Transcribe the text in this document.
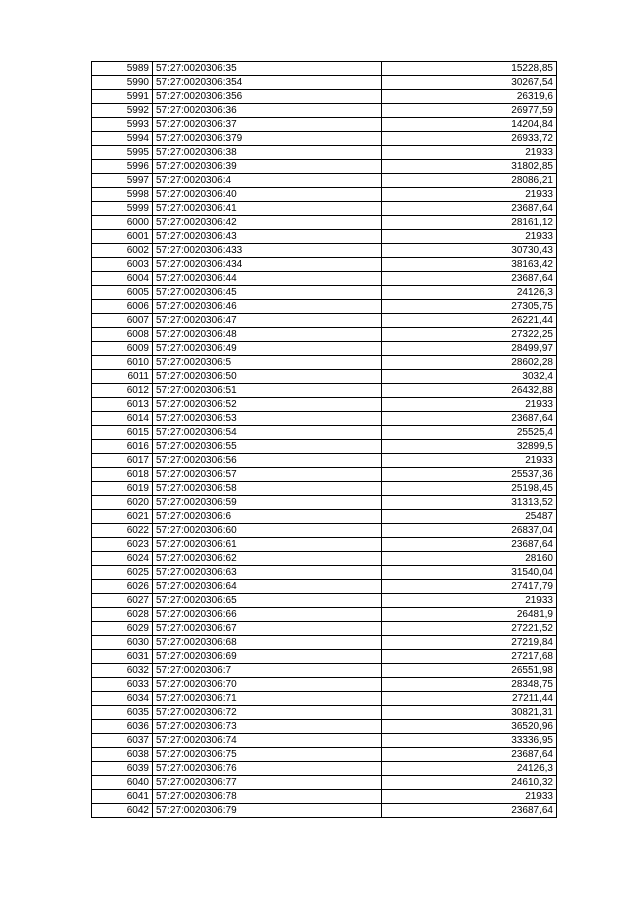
5989	57:27:0020306:35	15228,85
5990	57:27:0020306:354	30267,54
5991	57:27:0020306:356	26319,6
5992	57:27:0020306:36	26977,59
5993	57:27:0020306:37	14204,84
5994	57:27:0020306:379	26933,72
5995	57:27:0020306:38	21933
5996	57:27:0020306:39	31802,85
5997	57:27:0020306:4	28086,21
5998	57:27:0020306:40	21933
5999	57:27:0020306:41	23687,64
6000	57:27:0020306:42	28161,12
6001	57:27:0020306:43	21933
6002	57:27:0020306:433	30730,43
6003	57:27:0020306:434	38163,42
6004	57:27:0020306:44	23687,64
6005	57:27:0020306:45	24126,3
6006	57:27:0020306:46	27305,75
6007	57:27:0020306:47	26221,44
6008	57:27:0020306:48	27322,25
6009	57:27:0020306:49	28499,97
6010	57:27:0020306:5	28602,28
6011	57:27:0020306:50	3032,4
6012	57:27:0020306:51	26432,88
6013	57:27:0020306:52	21933
6014	57:27:0020306:53	23687,64
6015	57:27:0020306:54	25525,4
6016	57:27:0020306:55	32899,5
6017	57:27:0020306:56	21933
6018	57:27:0020306:57	25537,36
6019	57:27:0020306:58	25198,45
6020	57:27:0020306:59	31313,52
6021	57:27:0020306:6	25487
6022	57:27:0020306:60	26837,04
6023	57:27:0020306:61	23687,64
6024	57:27:0020306:62	28160
6025	57:27:0020306:63	31540,04
6026	57:27:0020306:64	27417,79
6027	57:27:0020306:65	21933
6028	57:27:0020306:66	26481,9
6029	57:27:0020306:67	27221,52
6030	57:27:0020306:68	27219,84
6031	57:27:0020306:69	27217,68
6032	57:27:0020306:7	26551,98
6033	57:27:0020306:70	28348,75
6034	57:27:0020306:71	27211,44
6035	57:27:0020306:72	30821,31
6036	57:27:0020306:73	36520,96
6037	57:27:0020306:74	33336,95
6038	57:27:0020306:75	23687,64
6039	57:27:0020306:76	24126,3
6040	57:27:0020306:77	24610,32
6041	57:27:0020306:78	21933
6042	57:27:0020306:79	23687,64
